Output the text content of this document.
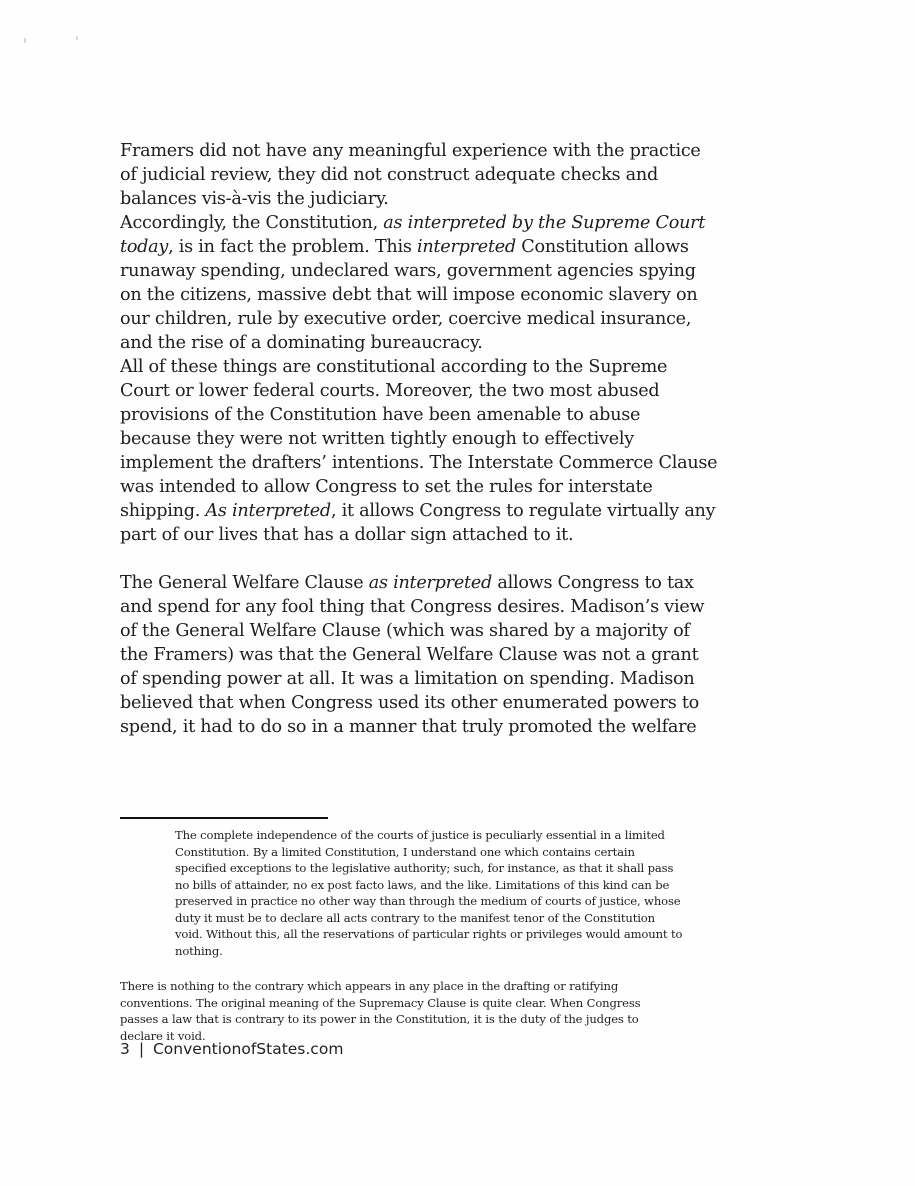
Framers did not have any meaningful experience with the practice
of judicial review, they did not construct adequate checks and
balances vis-à-vis the judiciary.
Accordingly, the Constitution, as interpreted by the Supreme Court
today, is in fact the problem. This interpreted Constitution allows
runaway spending, undeclared wars, government agencies spying
on the citizens, massive debt that will impose economic slavery on
our children, rule by executive order, coercive medical insurance,
and the rise of a dominating bureaucracy.
All of these things are constitutional according to the Supreme
Court or lower federal courts. Moreover, the two most abused
provisions of the Constitution have been amenable to abuse
because they were not written tightly enough to effectively
implement the drafters’ intentions. The Interstate Commerce Clause
was intended to allow Congress to set the rules for interstate
shipping. As interpreted, it allows Congress to regulate virtually any
part of our lives that has a dollar sign attached to it.
The General Welfare Clause as interpreted allows Congress to tax
and spend for any fool thing that Congress desires. Madison’s view
of the General Welfare Clause (which was shared by a majority of
the Framers) was that the General Welfare Clause was not a grant
of spending power at all. It was a limitation on spending. Madison
believed that when Congress used its other enumerated powers to
spend, it had to do so in a manner that truly promoted the welfare
The complete independence of the courts of justice is peculiarly essential in a limited
Constitution. By a limited Constitution, I understand one which contains certain
specified exceptions to the legislative authority; such, for instance, as that it shall pass
no bills of attainder, no ex post facto laws, and the like. Limitations of this kind can be
preserved in practice no other way than through the medium of courts of justice, whose
duty it must be to declare all acts contrary to the manifest tenor of the Constitution
void. Without this, all the reservations of particular rights or privileges would amount to
nothing.
There is nothing to the contrary which appears in any place in the drafting or ratifying
conventions. The original meaning of the Supremacy Clause is quite clear. When Congress
passes a law that is contrary to its power in the Constitution, it is the duty of the judges to
declare it void.
3 | ConventionofStates.com
